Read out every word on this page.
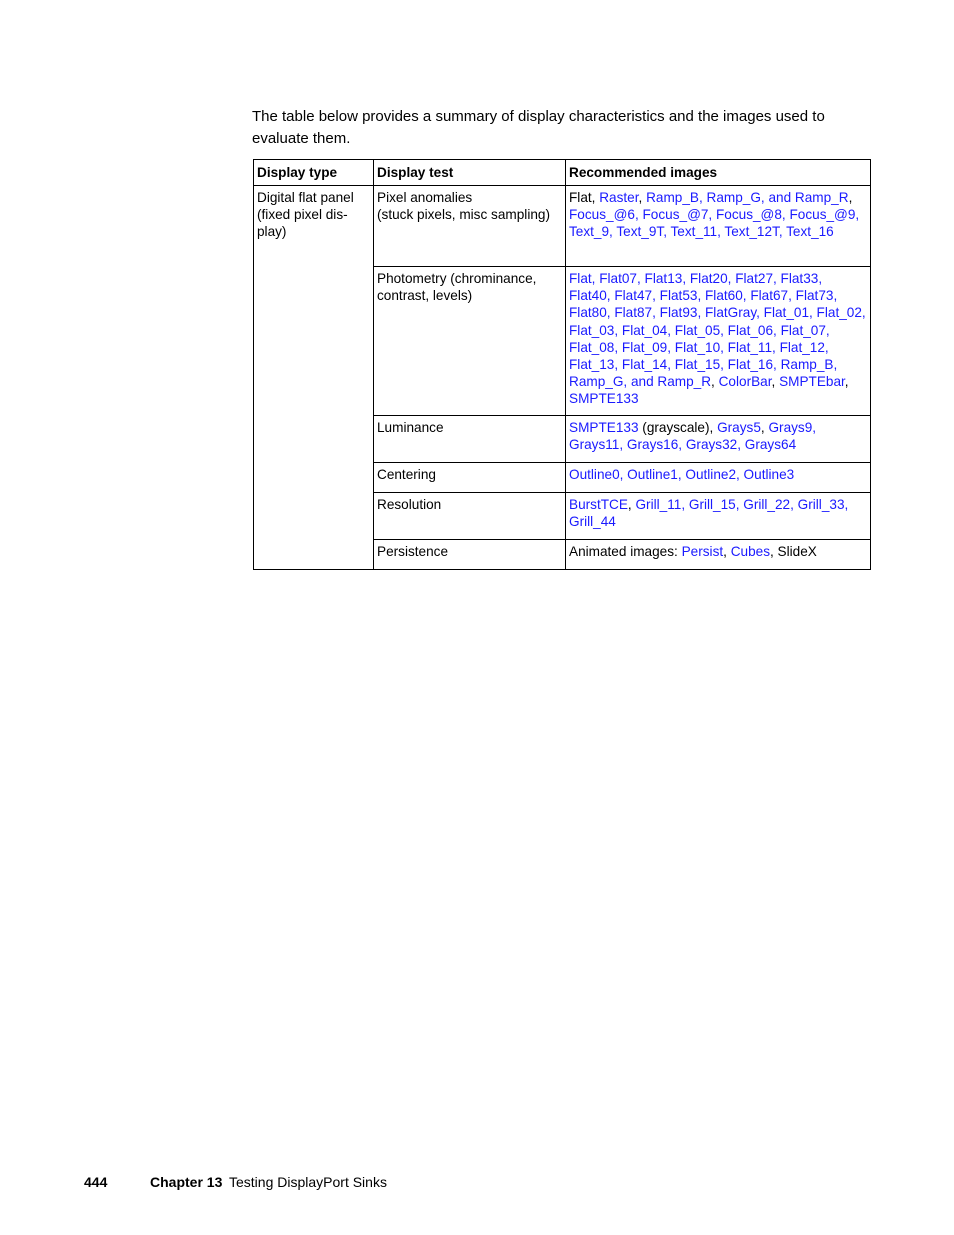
The table below provides a summary of display characteristics and the images used to evaluate them.

Display type	Display test	Recommended images
Digital flat panel
(fixed pixel dis-
play)	Pixel anomalies
(stuck pixels, misc sampling)	Flat, Raster, Ramp_B, Ramp_G, and Ramp_R, Focus_@6, Focus_@7, Focus_@8, Focus_@9, Text_9, Text_9T, Text_11, Text_12T, Text_16
	Photometry (chrominance,
contrast, levels)	Flat, Flat07, Flat13, Flat20, Flat27, Flat33, Flat40, Flat47, Flat53, Flat60, Flat67, Flat73, Flat80, Flat87, Flat93, FlatGray, Flat_01, Flat_02, Flat_03, Flat_04, Flat_05, Flat_06, Flat_07, Flat_08, Flat_09, Flat_10, Flat_11, Flat_12, Flat_13, Flat_14, Flat_15, Flat_16, Ramp_B, Ramp_G, and Ramp_R, ColorBar, SMPTEbar, SMPTE133
	Luminance	SMPTE133 (grayscale), Grays5, Grays9, Grays11, Grays16, Grays32, Grays64
	Centering	Outline0, Outline1, Outline2, Outline3
	Resolution	BurstTCE, Grill_11, Grill_15, Grill_22, Grill_33, Grill_44
	Persistence	Animated images: Persist, Cubes, SlideX
444	Chapter 13 Testing DisplayPort Sinks
